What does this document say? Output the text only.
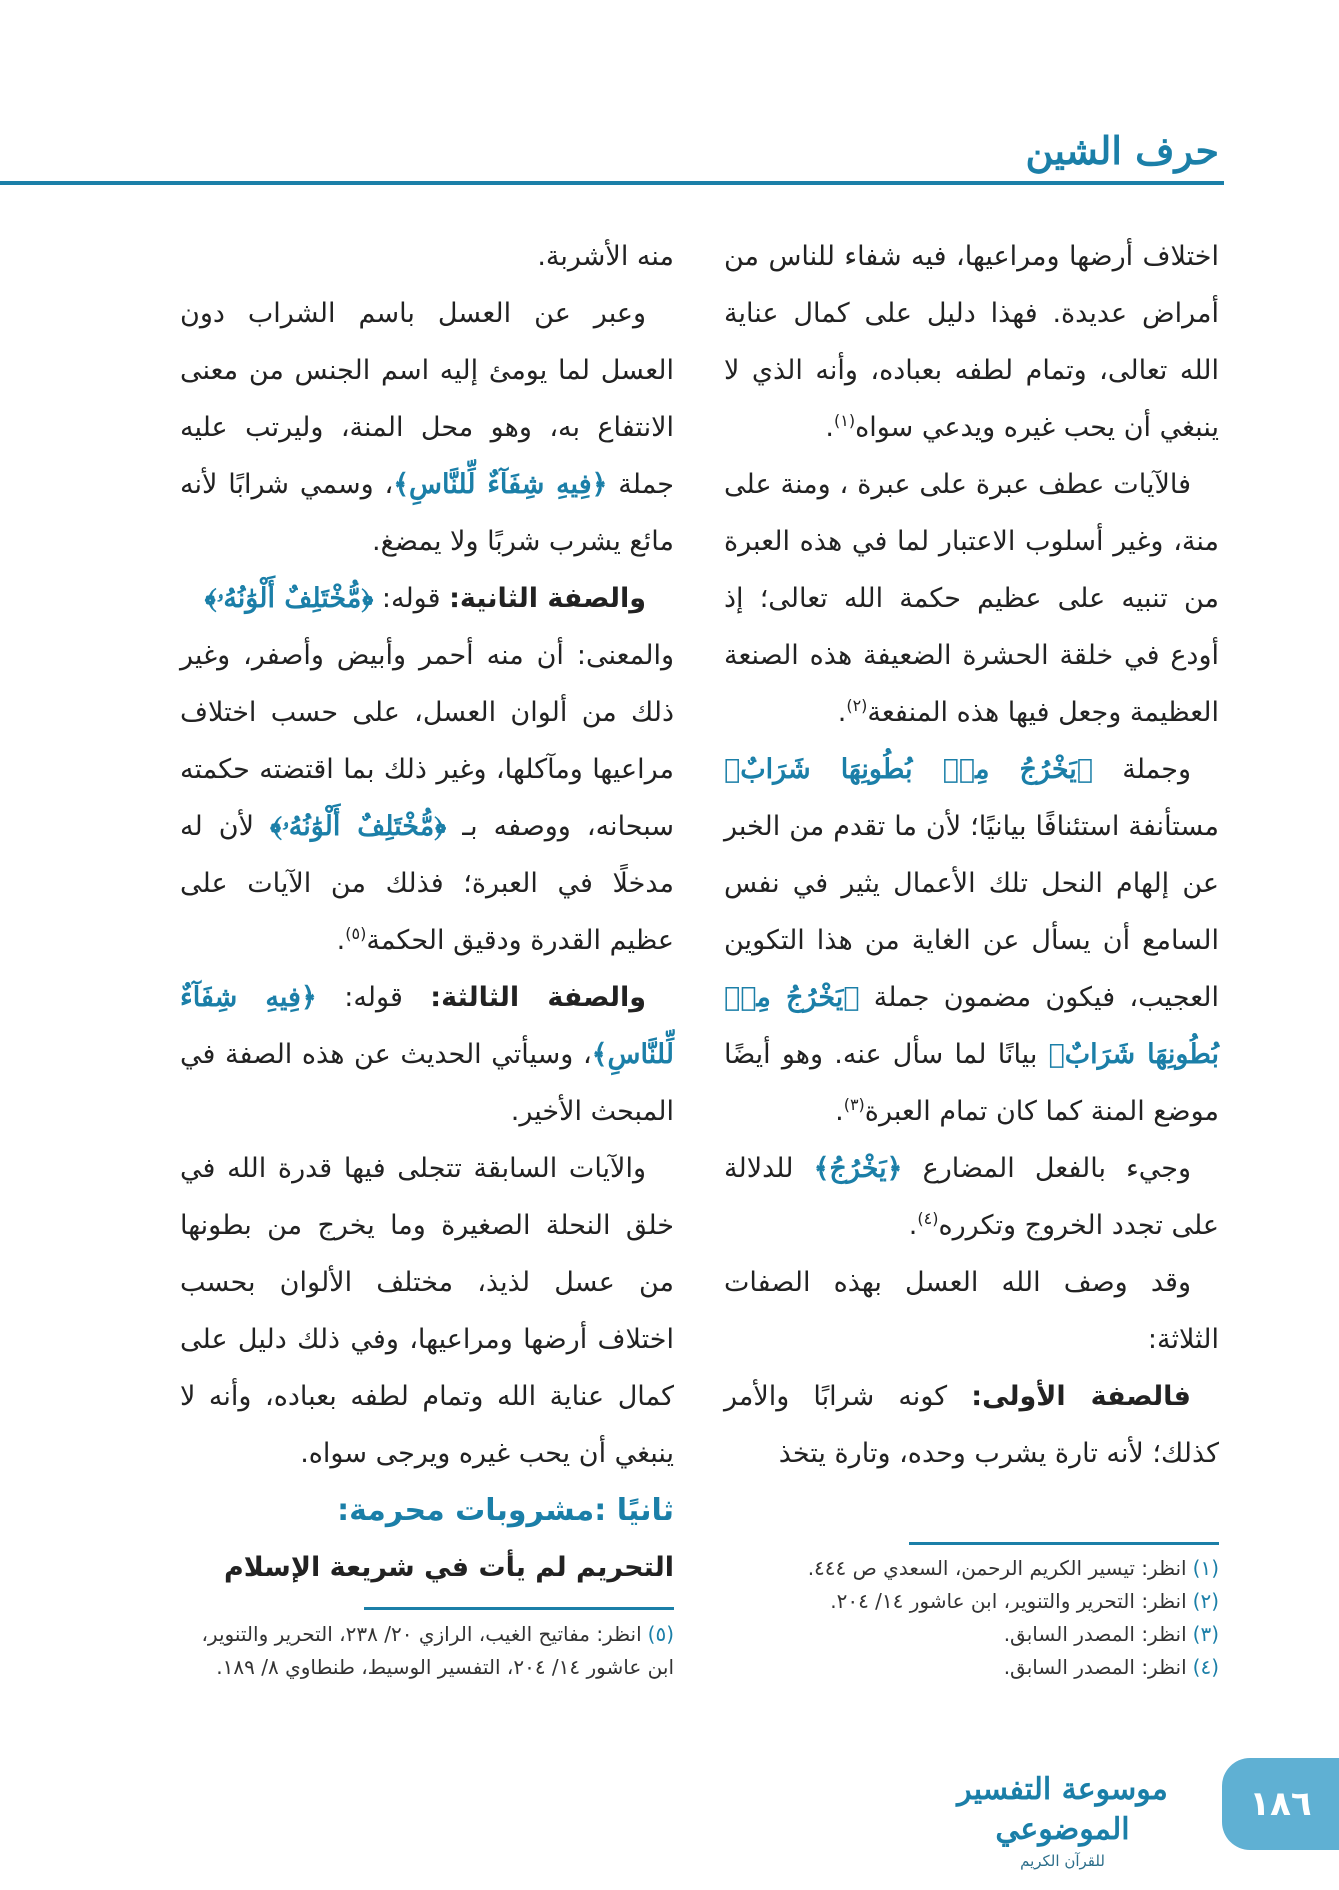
حرف الشين

اختلاف أرضها ومراعيها، فيه شفاء للناس من أمراض عديدة. فهذا دليل على كمال عناية الله تعالى، وتمام لطفه بعباده، وأنه الذي لا ينبغي أن يحب غيره ويدعي سواه$^{(١)}$.

فالآيات عطف عبرة على عبرة ، ومنة على منة، وغير أسلوب الاعتبار لما في هذه العبرة من تنبيه على عظيم حكمة الله تعالى؛ إذ أودع في خلقة الحشرة الضعيفة هذه الصنعة العظيمة وجعل فيها هذه المنفعة$^{(٢)}$.

وجملة ﴿يَخْرُجُ مِنۢ بُطُونِهَا شَرَابٌ﴾ مستأنفة استئنافًا بيانيًا؛ لأن ما تقدم من الخبر عن إلهام النحل تلك الأعمال يثير في نفس السامع أن يسأل عن الغاية من هذا التكوين العجيب، فيكون مضمون جملة ﴿يَخْرُجُ مِنۢ بُطُونِهَا شَرَابٌ﴾ بيانًا لما سأل عنه. وهو أيضًا موضع المنة كما كان تمام العبرة$^{(٣)}$.

وجيء بالفعل المضارع ﴿يَخْرُجُ﴾ للدلالة على تجدد الخروج وتكرره$^{(٤)}$.

وقد وصف الله العسل بهذه الصفات الثلاثة:

فالصفة الأولى: كونه شرابًا والأمر كذلك؛ لأنه تارة يشرب وحده، وتارة يتخذ

منه الأشربة.

وعبر عن العسل باسم الشراب دون العسل لما يومئ إليه اسم الجنس من معنى الانتفاع به، وهو محل المنة، وليرتب عليه جملة ﴿فِيهِ شِفَآءٌ لِّلنَّاسِ﴾، وسمي شرابًا لأنه مائع يشرب شربًا ولا يمضغ.

والصفة الثانية: قوله: ﴿مُّخْتَلِفٌ أَلْوَٰنُهُۥ﴾

والمعنى: أن منه أحمر وأبيض وأصفر، وغير ذلك من ألوان العسل، على حسب اختلاف مراعيها ومآكلها، وغير ذلك بما اقتضته حكمته سبحانه، ووصفه بـ ﴿مُّخْتَلِفٌ أَلْوَٰنُهُۥ﴾ لأن له مدخلًا في العبرة؛ فذلك من الآيات على عظيم القدرة ودقيق الحكمة$^{(٥)}$.

والصفة الثالثة: قوله: ﴿فِيهِ شِفَآءٌ لِّلنَّاسِ﴾، وسيأتي الحديث عن هذه الصفة في المبحث الأخير.

والآيات السابقة تتجلى فيها قدرة الله في خلق النحلة الصغيرة وما يخرج من بطونها من عسل لذيذ، مختلف الألوان بحسب اختلاف أرضها ومراعيها، وفي ذلك دليل على كمال عناية الله وتمام لطفه بعباده، وأنه لا ينبغي أن يحب غيره ويرجى سواه.

ثانيًا :مشروبات محرمة:

التحريم لم يأت في شريعة الإسلام	(١)انظر: تيسير الكريم الرحمن، السعدي ص ٤٤٤.
(٢)انظر: التحرير والتنوير، ابن عاشور ١٤/ ٢٠٤.
(٣)انظر: المصدر السابق.
(٤)انظر: المصدر السابق.
(٥)انظر: مفاتيح الغيب، الرازي ٢٠/ ٢٣٨، التحرير والتنوير، ابن عاشور ١٤/ ٢٠٤، التفسير الوسيط، طنطاوي ٨/ ١٨٩.
موسوعة التفسير الموضوعي
للقرآن الكريم
١٨٦
